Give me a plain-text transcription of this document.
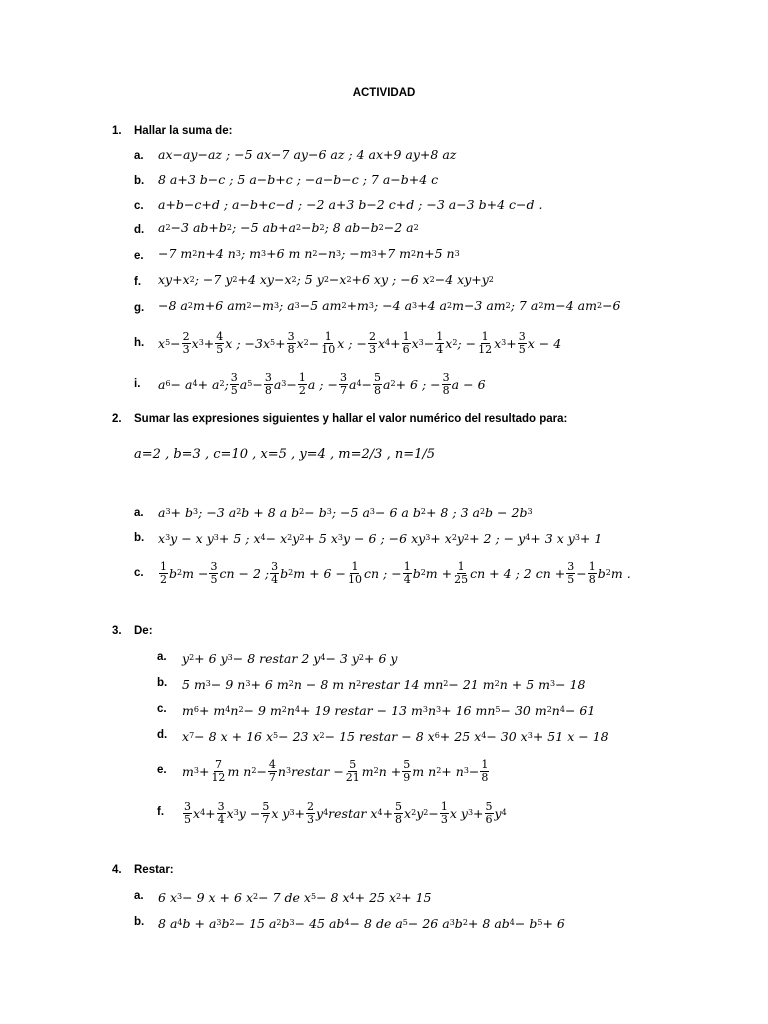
ACTIVIDAD
1. Hallar la suma de:
a. ax−ay−az ; −5 ax−7 ay−6 az ; 4 ax+9 ay+8 az
b. 8 a+3 b−c ; 5 a−b+c ; −a−b−c ; 7 a−b+4 c
c. a+b−c+d ; a−b+c−d ; −2 a+3 b−2 c+d ; −3 a−3 b+4 c−d .
d. a 2 −3 ab+b 2 ; −5 ab+a 2 −b 2 ; 8 ab−b 2 −2 a 2
e. −7 m 2 n+4 n 3 ; m 3 +6 m n 2 −n 3 ; −m 3 +7 m 2 n+5 n 3
f. xy+x 2 ; −7 y 2 +4 xy−x 2 ; 5 y 2 −x 2 +6 xy ; −6 x 2 −4 xy+y 2
g. −8 a 2 m+6 am 2 −m 3 ; a 3 −5 am 2 +m 3 ; −4 a 3 +4 a 2 m−3 am 2 ; 7 a 2 m−4 am 2 −6
h. x 5 − 2
3 x 3 + 4
5 x ; −3x 5 + 3
8 x 2 − 1
10 x ; − 2
3 x 4 + 1
6 x 3 − 1
4 x 2 ; − 1
12 x 3 + 3
5 x − 4
i. a 6 − a 4 + a 2 ; 3
5 a 5 − 3
8 a 3 − 1
2 a ; − 3
7 a 4 − 5
8 a 2 + 6 ; − 3
8 a − 6
2. Sumar las expresiones siguientes y hallar el valor numérico del resultado para:
a=2 , b=3 , c=10 , x=5 , y=4 , m=2/3 , n=1/5
a. a 3 + b 3 ; −3 a 2 b + 8 a b 2 − b 3 ; −5 a 3 − 6 a b 2 + 8 ; 3 a 2 b − 2b 3
b. x 3 y − x y 3 + 5 ; x 4 − x 2 y 2 + 5 x 3 y − 6 ; −6 xy 3 + x 2 y 2 + 2 ; − y 4 + 3 x y 3 + 1
c.
1
2 b 2 m − 3
5 cn − 2 ; 3
4 b 2 m + 6 − 1
10 cn ; − 1
4 b 2 m + 1
25 cn + 4 ; 2 cn + 3
5 − 1
8 b 2 m .
3. De:
a. y 2 + 6 y 3 − 8 restar 2 y 4 − 3 y 2 + 6 y
b. 5 m 3 − 9 n 3 + 6 m 2 n − 8 m n 2 restar 14 mn 2 − 21 m 2 n + 5 m 3 − 18
c. m 6 + m 4 n 2 − 9 m 2 n 4 + 19 restar − 13 m 3 n 3 + 16 mn 5 − 30 m 2 n 4 − 61
d. x 7 − 8 x + 16 x 5 − 23 x 2 − 15 restar − 8 x 6 + 25 x 4 − 30 x 3 + 51 x − 18
e. m 3 + 7
12 m n 2 − 4
7 n 3 restar − 5
21 m 2 n + 5
9 m n 2 + n 3 − 1
8
f. 3
5 x 4 + 3
4 x 3 y − 5
7 x y 3 + 2
3 y 4 restar x 4 + 5
8 x 2 y 2 − 1
3 x y 3 + 5
6 y 4
4. Restar:
a. 6 x 3 − 9 x + 6 x 2 − 7 de x 5 − 8 x 4 + 25 x 2 + 15
b. 8 a 4 b + a 3 b 2 − 15 a 2 b 3 − 45 ab 4 − 8 de a 5 − 26 a 3 b 2 + 8 ab 4 − b 5 + 6
